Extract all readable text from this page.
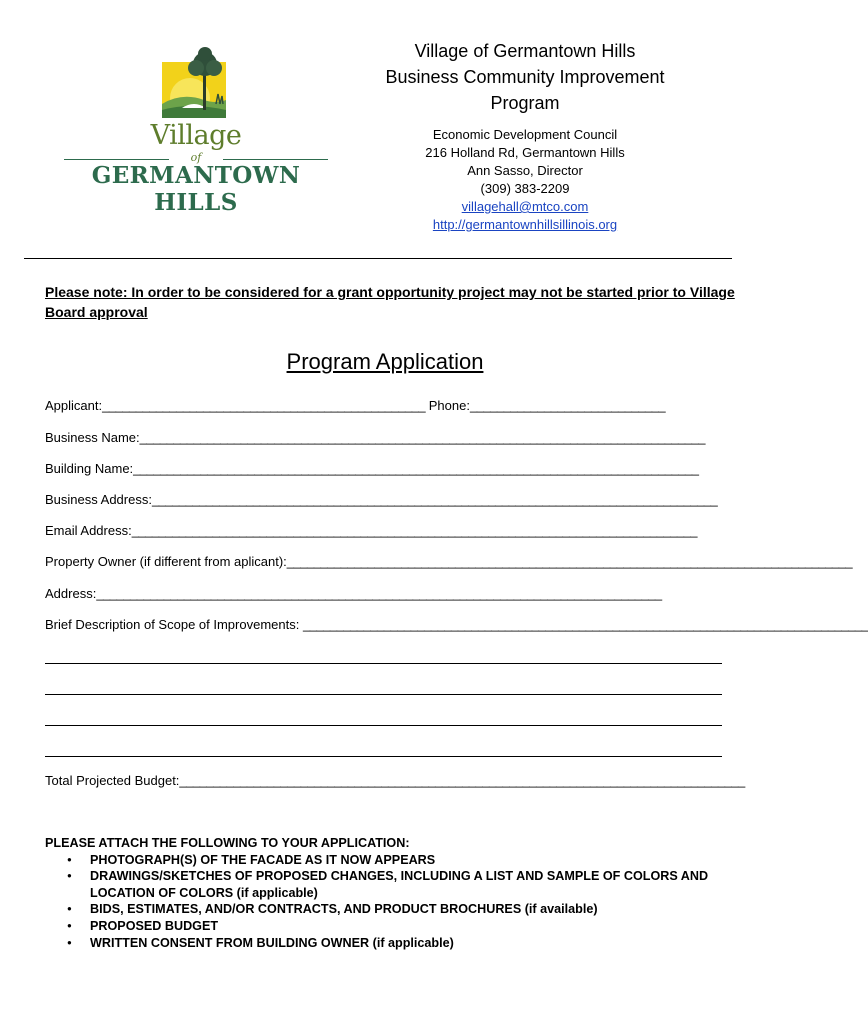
Village
of
GERMANTOWN HILLS
Village of Germantown Hills
Business Community Improvement
Program
Economic Development Council
216 Holland Rd, Germantown Hills
Ann Sasso, Director
(309) 383-2209
villagehall@mtco.com
http://germantownhillsillinois.org
Please note: In order to be considered for a grant opportunity project may not be started prior to Village Board approval
Program Application
Applicant:________________________________________________ Phone:_____________________________
Business Name:____________________________________________________________________________________
Building Name:____________________________________________________________________________________
Business Address:____________________________________________________________________________________
Email Address:____________________________________________________________________________________
Property Owner (if different from aplicant):____________________________________________________________________________________
Address:____________________________________________________________________________________
Brief Description of Scope of Improvements: ____________________________________________________________________________________
Total Projected Budget:____________________________________________________________________________________
PLEASE ATTACH THE FOLLOWING TO YOUR APPLICATION:
● PHOTOGRAPH(S) OF THE FACADE AS IT NOW APPEARS
● DRAWINGS/SKETCHES OF PROPOSED CHANGES, INCLUDING A LIST AND SAMPLE OF COLORS AND LOCATION OF COLORS (if applicable)
● BIDS, ESTIMATES, AND/OR CONTRACTS, AND PRODUCT BROCHURES (if available)
● PROPOSED BUDGET
● WRITTEN CONSENT FROM BUILDING OWNER (if applicable)
